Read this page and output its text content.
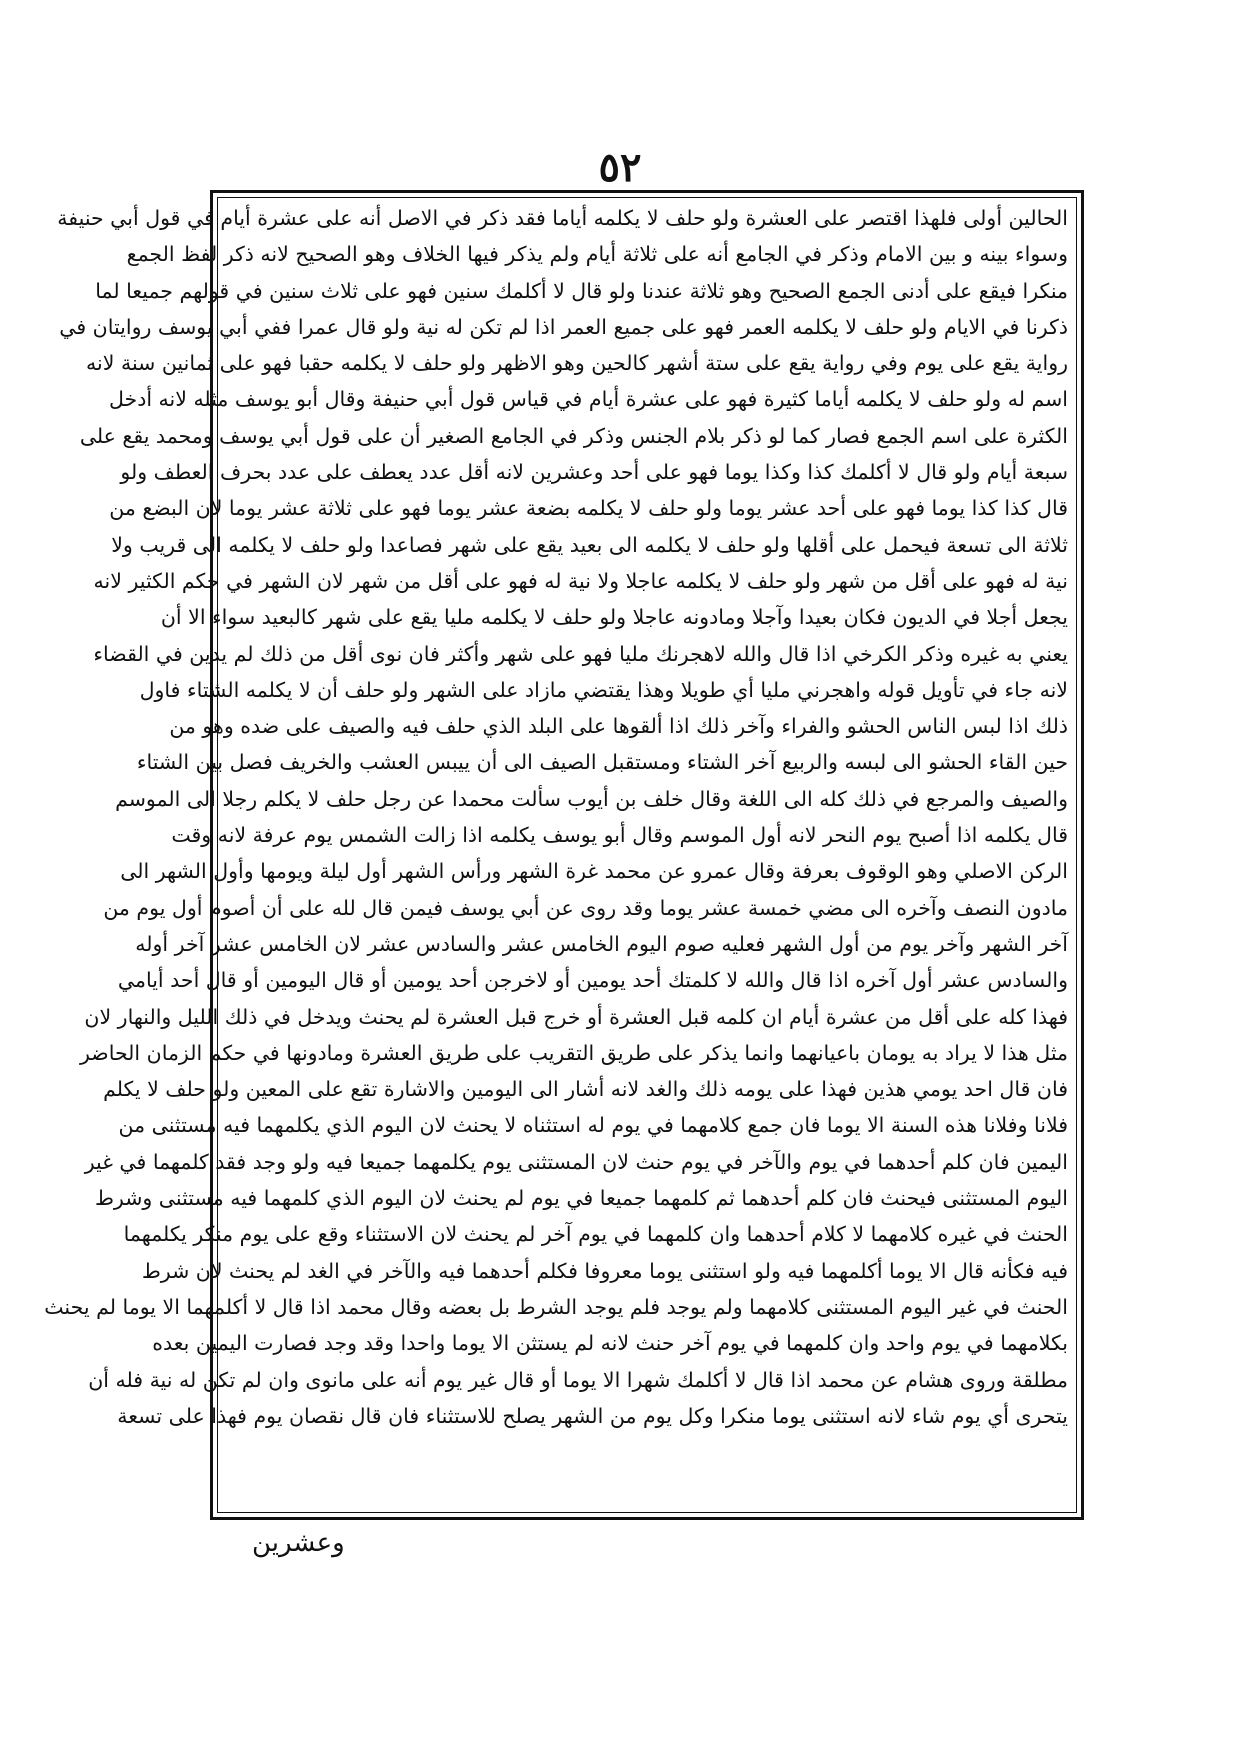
٥٢
الحالين أولى فلهذا اقتصر على العشرة ولو حلف لا يكلمه أياما فقد ذكر في الاصل أنه على عشرة أيام في قول أبي حنيفة
وسواء بينه و بين الامام وذكر في الجامع أنه على ثلاثة أيام ولم يذكر فيها الخلاف وهو الصحيح لانه ذكر لفظ الجمع
منكرا فيقع على أدنى الجمع الصحيح وهو ثلاثة عندنا ولو قال لا أكلمك سنين فهو على ثلاث سنين في قولهم جميعا لما
ذكرنا في الايام ولو حلف لا يكلمه العمر فهو على جميع العمر اذا لم تكن له نية ولو قال عمرا ففي أبي يوسف روايتان في
رواية يقع على يوم وفي رواية يقع على ستة أشهر كالحين وهو الاظهر ولو حلف لا يكلمه حقبا فهو على ثمانين سنة لانه
اسم له ولو حلف لا يكلمه أياما كثيرة فهو على عشرة أيام في قياس قول أبي حنيفة وقال أبو يوسف مثله لانه أدخل
الكثرة على اسم الجمع فصار كما لو ذكر بلام الجنس وذكر في الجامع الصغير أن على قول أبي يوسف ومحمد يقع على
سبعة أيام ولو قال لا أكلمك كذا وكذا يوما فهو على أحد وعشرين لانه أقل عدد يعطف على عدد بحرف العطف ولو
قال كذا كذا يوما فهو على أحد عشر يوما ولو حلف لا يكلمه بضعة عشر يوما فهو على ثلاثة عشر يوما لان البضع من
ثلاثة الى تسعة فيحمل على أقلها ولو حلف لا يكلمه الى بعيد يقع على شهر فصاعدا ولو حلف لا يكلمه الى قريب ولا
نية له فهو على أقل من شهر ولو حلف لا يكلمه عاجلا ولا نية له فهو على أقل من شهر لان الشهر في حكم الكثير لانه
يجعل أجلا في الديون فكان بعيدا وآجلا ومادونه عاجلا ولو حلف لا يكلمه مليا يقع على شهر كالبعيد سواء الا أن
يعني به غيره وذكر الكرخي اذا قال والله لاهجرنك مليا فهو على شهر وأكثر فان نوى أقل من ذلك لم يدين في القضاء
لانه جاء في تأويل قوله واهجرني مليا أي طويلا وهذا يقتضي مازاد على الشهر ولو حلف أن لا يكلمه الشتاء فاول
ذلك اذا لبس الناس الحشو والفراء وآخر ذلك اذا ألقوها على البلد الذي حلف فيه والصيف على ضده وهو من
حين القاء الحشو الى لبسه والربيع آخر الشتاء ومستقبل الصيف الى أن ييبس العشب والخريف فصل بين الشتاء
والصيف والمرجع في ذلك كله الى اللغة وقال خلف بن أيوب سألت محمدا عن رجل حلف لا يكلم رجلا الى الموسم
قال يكلمه اذا أصبح يوم النحر لانه أول الموسم وقال أبو يوسف يكلمه اذا زالت الشمس يوم عرفة لانه وقت
الركن الاصلي وهو الوقوف بعرفة وقال عمرو عن محمد غرة الشهر ورأس الشهر أول ليلة ويومها وأول الشهر الى
مادون النصف وآخره الى مضي خمسة عشر يوما وقد روى عن أبي يوسف فيمن قال لله على أن أصوم أول يوم من
آخر الشهر وآخر يوم من أول الشهر فعليه صوم اليوم الخامس عشر والسادس عشر لان الخامس عشر آخر أوله
والسادس عشر أول آخره اذا قال والله لا كلمتك أحد يومين أو لاخرجن أحد يومين أو قال اليومين أو قال أحد أيامي
فهذا كله على أقل من عشرة أيام ان كلمه قبل العشرة أو خرج قبل العشرة لم يحنث ويدخل في ذلك الليل والنهار لان
مثل هذا لا يراد به يومان باعيانهما وانما يذكر على طريق التقريب على طريق العشرة ومادونها في حكم الزمان الحاضر
فان قال احد يومي هذين فهذا على يومه ذلك والغد لانه أشار الى اليومين والاشارة تقع على المعين ولو حلف لا يكلم
فلانا وفلانا هذه السنة الا يوما فان جمع كلامهما في يوم له استثناه لا يحنث لان اليوم الذي يكلمهما فيه مستثنى من
اليمين فان كلم أحدهما في يوم والآخر في يوم حنث لان المستثنى يوم يكلمهما جميعا فيه ولو وجد فقد كلمهما في غير
اليوم المستثنى فيحنث فان كلم أحدهما ثم كلمهما جميعا في يوم لم يحنث لان اليوم الذي كلمهما فيه مستثنى وشرط
الحنث في غيره كلامهما لا كلام أحدهما وان كلمهما في يوم آخر لم يحنث لان الاستثناء وقع على يوم منكر يكلمهما
فيه فكأنه قال الا يوما أكلمهما فيه ولو استثنى يوما معروفا فكلم أحدهما فيه والآخر في الغد لم يحنث لان شرط
الحنث في غير اليوم المستثنى كلامهما ولم يوجد فلم يوجد الشرط بل بعضه وقال محمد اذا قال لا أكلمهما الا يوما لم يحنث
بكلامهما في يوم واحد وان كلمهما في يوم آخر حنث لانه لم يستثن الا يوما واحدا وقد وجد فصارت اليمين بعده
مطلقة وروى هشام عن محمد اذا قال لا أكلمك شهرا الا يوما أو قال غير يوم أنه على مانوى وان لم تكن له نية فله أن
يتحرى أي يوم شاء لانه استثنى يوما منكرا وكل يوم من الشهر يصلح للاستثناء فان قال نقصان يوم فهذا على تسعة
وعشرين
